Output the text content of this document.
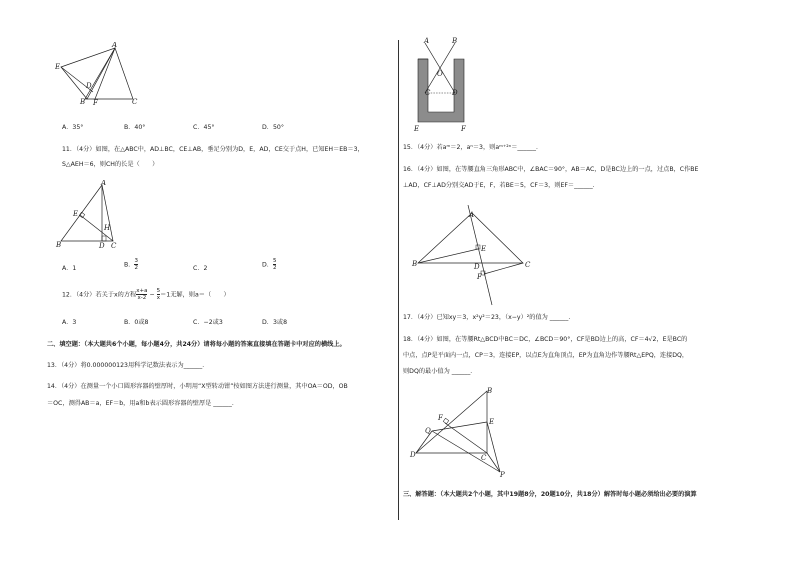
A
E
D
B F	C
A．35°	B．40°	C．45°	D．50°
11．（4分）如图，在△ABC中，AD⊥BC，CE⊥AB，垂足分别为D，E，AD，CE交于点H，已知EH＝EB＝3，
S△AEH＝6，则CH的长是（　　）
A
E
H
B	D C
A．1	B． $\frac{3}{2}$	C．2	D． $\frac{5}{2}$
12．（4分）若关于x的方程 $\frac{x+a}{x-2} - \frac{5}{x} =1$无解，则a＝（　　）
A．3	B．0或8	C．−2或3	D．3或8
二、填空题：（本大题共6个小题，每小题4分，共24分）请将每小题的答案直接填在答题卡中对应的横线上。
13．（4分）将0.000000123用科学记数法表示为______．
14．（4分）在测量一个小口圆形容器的壁厚时，小明用“X型转动钳”按如图方法进行测量，其中OA＝OD，OB
＝OC，测得AB＝a，EF＝b，用a和b表示圆形容器的壁厚是 ______．
A	B
O
C	D
E	F
15．（4分）若aᵐ＝2，aⁿ＝3，则aᵐ⁺²ⁿ＝______．
16．（4分）如图，在等腰直角三角形ABC中，∠BAC＝90°，AB＝AC，D是BC边上的一点，过点B，C作BE
⊥AD，CF⊥AD分别交AD于E，F，若BE＝5，CF＝3，则EF＝______．
A
E
B	D	C
F
17．（4分）已知xy＝3，x²y²＝23，（x−y）²的值为 ______．
18．（4分）如图，在等腰Rt△BCD中BC＝DC，∠BCD＝90°，CF是BD边上的高，CF＝4√2，E是BC的
中点，点P是平面内一点，CP＝3，连接EP，以点E为直角顶点，EP为直角边作等腰Rt△EPQ，连接DQ，
则DQ的最小值为 ______．
B
F	E
Q
D	C
P
三、解答题：（本大题共2个小题，其中19题8分，20题10分，共18分）解答时每小题必须给出必要的演算
